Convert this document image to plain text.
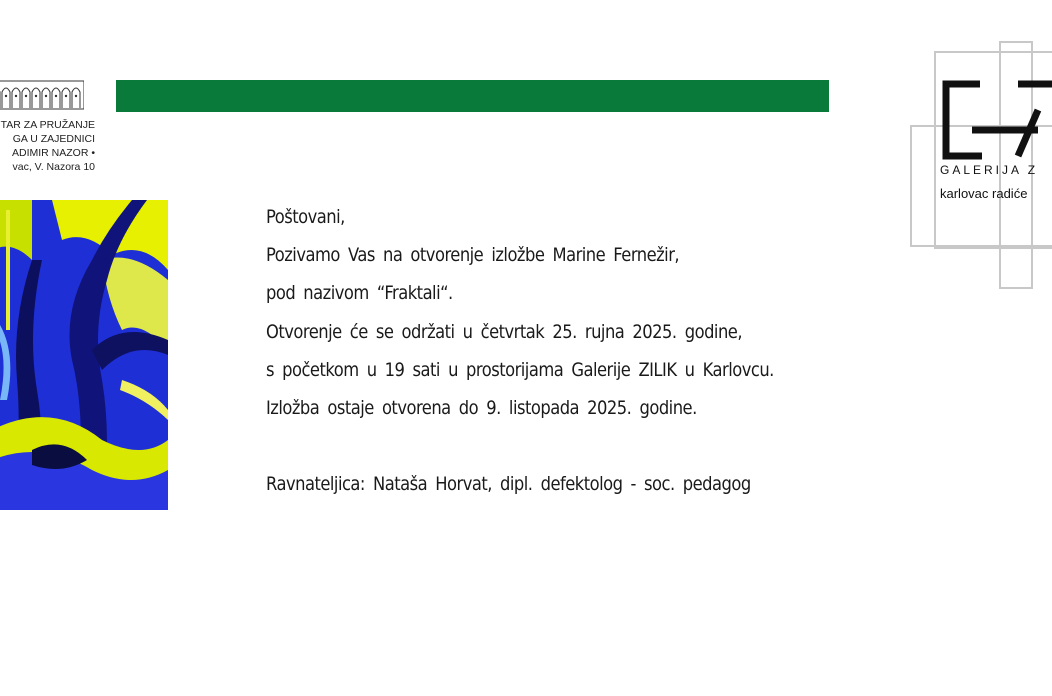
TAR ZA PRUŽANJE
GA U ZAJEDNICI
ADIMIR NAZOR •
vac, V. Nazora 10	GALERIJA Z
karlovac radiće
Poštovani,
Pozivamo Vas na otvorenje izložbe Marine Fernežir,
pod nazivom “Fraktali“.
Otvorenje će se održati u četvrtak 25. rujna 2025. godine,
s početkom u 19 sati u prostorijama Galerije ZILIK u Karlovcu.
Izložba ostaje otvorena do 9. listopada 2025. godine.
Ravnateljica: Nataša Horvat, dipl. defektolog - soc. pedagog
